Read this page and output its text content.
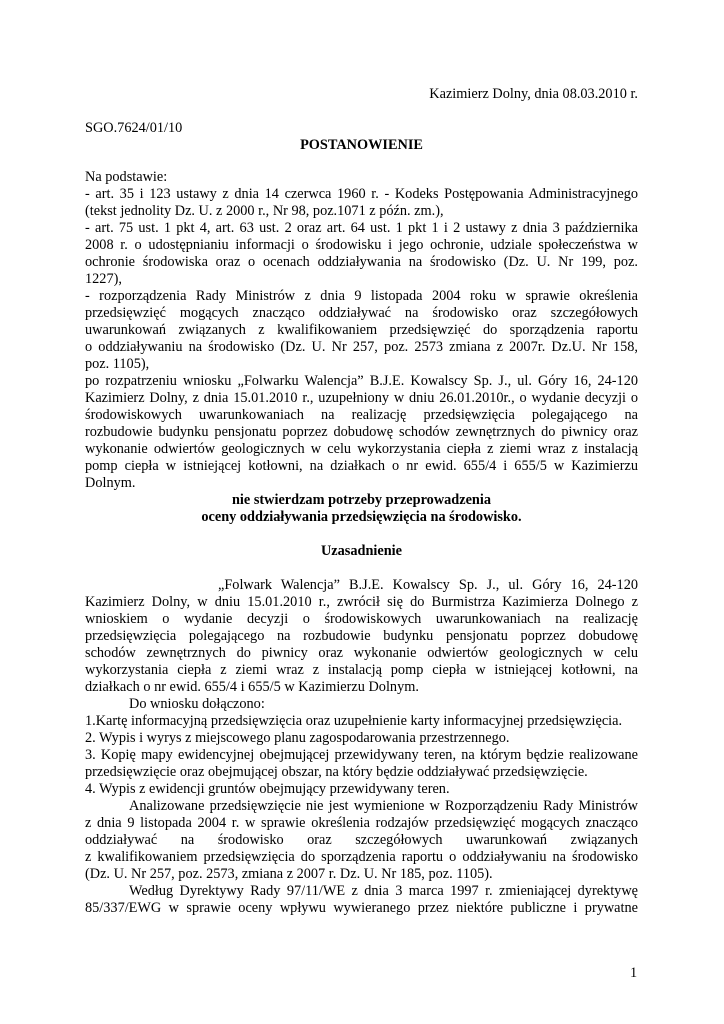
Kazimierz Dolny, dnia 08.03.2010 r.
SGO.7624/01/10
POSTANOWIENIE
Na podstawie:
- art. 35 i 123 ustawy z dnia 14 czerwca 1960 r. - Kodeks Postępowania Administracyjnego
(tekst jednolity Dz. U. z 2000 r., Nr 98, poz.1071 z późn. zm.),
- art. 75 ust. 1 pkt 4, art. 63 ust. 2 oraz art. 64 ust. 1 pkt 1 i 2 ustawy z dnia 3 października
2008 r. o udostępnianiu informacji o środowisku i jego ochronie, udziale społeczeństwa w
ochronie środowiska oraz o ocenach oddziaływania na środowisko (Dz. U. Nr 199, poz.
1227),
- rozporządzenia Rady Ministrów z dnia 9 listopada 2004 roku w sprawie określenia
przedsięwzięć mogących znacząco oddziaływać na środowisko oraz szczegółowych
uwarunkowań związanych z kwalifikowaniem przedsięwzięć do sporządzenia raportu
o oddziaływaniu na środowisko (Dz. U. Nr 257, poz. 2573 zmiana z 2007r. Dz.U. Nr 158,
poz. 1105),
po rozpatrzeniu wniosku „Folwarku Walencja” B.J.E. Kowalscy Sp. J., ul. Góry 16, 24-120
Kazimierz Dolny, z dnia 15.01.2010 r., uzupełniony w dniu 26.01.2010r., o wydanie decyzji o
środowiskowych uwarunkowaniach na realizację przedsięwzięcia polegającego na
rozbudowie budynku pensjonatu poprzez dobudowę schodów zewnętrznych do piwnicy oraz
wykonanie odwiertów geologicznych w celu wykorzystania ciepła z ziemi wraz z instalacją
pomp ciepła w istniejącej kotłowni, na działkach o nr ewid. 655/4 i 655/5 w Kazimierzu
Dolnym.
nie stwierdzam potrzeby przeprowadzenia
oceny oddziaływania przedsięwzięcia na środowisko.
Uzasadnienie
„Folwark Walencja” B.J.E. Kowalscy Sp. J., ul. Góry 16, 24-120
Kazimierz Dolny, w dniu 15.01.2010 r., zwrócił się do Burmistrza Kazimierza Dolnego z
wnioskiem o wydanie decyzji o środowiskowych uwarunkowaniach na realizację
przedsięwzięcia polegającego na rozbudowie budynku pensjonatu poprzez dobudowę
schodów zewnętrznych do piwnicy oraz wykonanie odwiertów geologicznych w celu
wykorzystania ciepła z ziemi wraz z instalacją pomp ciepła w istniejącej kotłowni, na
działkach o nr ewid. 655/4 i 655/5 w Kazimierzu Dolnym.
Do wniosku dołączono:
1.Kartę informacyjną przedsięwzięcia oraz uzupełnienie karty informacyjnej przedsięwzięcia.
2. Wypis i wyrys z miejscowego planu zagospodarowania przestrzennego.
3. Kopię mapy ewidencyjnej obejmującej przewidywany teren, na którym będzie realizowane
przedsięwzięcie oraz obejmującej obszar, na który będzie oddziaływać przedsięwzięcie.
4. Wypis z ewidencji gruntów obejmujący przewidywany teren.
Analizowane przedsięwzięcie nie jest wymienione w Rozporządzeniu Rady Ministrów
z dnia 9 listopada 2004 r. w sprawie określenia rodzajów przedsięwzięć mogących znacząco
oddziaływać na środowisko oraz szczegółowych uwarunkowań związanych
z kwalifikowaniem przedsięwzięcia do sporządzenia raportu o oddziaływaniu na środowisko
(Dz. U. Nr 257, poz. 2573, zmiana z 2007 r. Dz. U. Nr 185, poz. 1105).
Według Dyrektywy Rady 97/11/WE z dnia 3 marca 1997 r. zmieniającej dyrektywę
85/337/EWG w sprawie oceny wpływu wywieranego przez niektóre publiczne i prywatne
1
